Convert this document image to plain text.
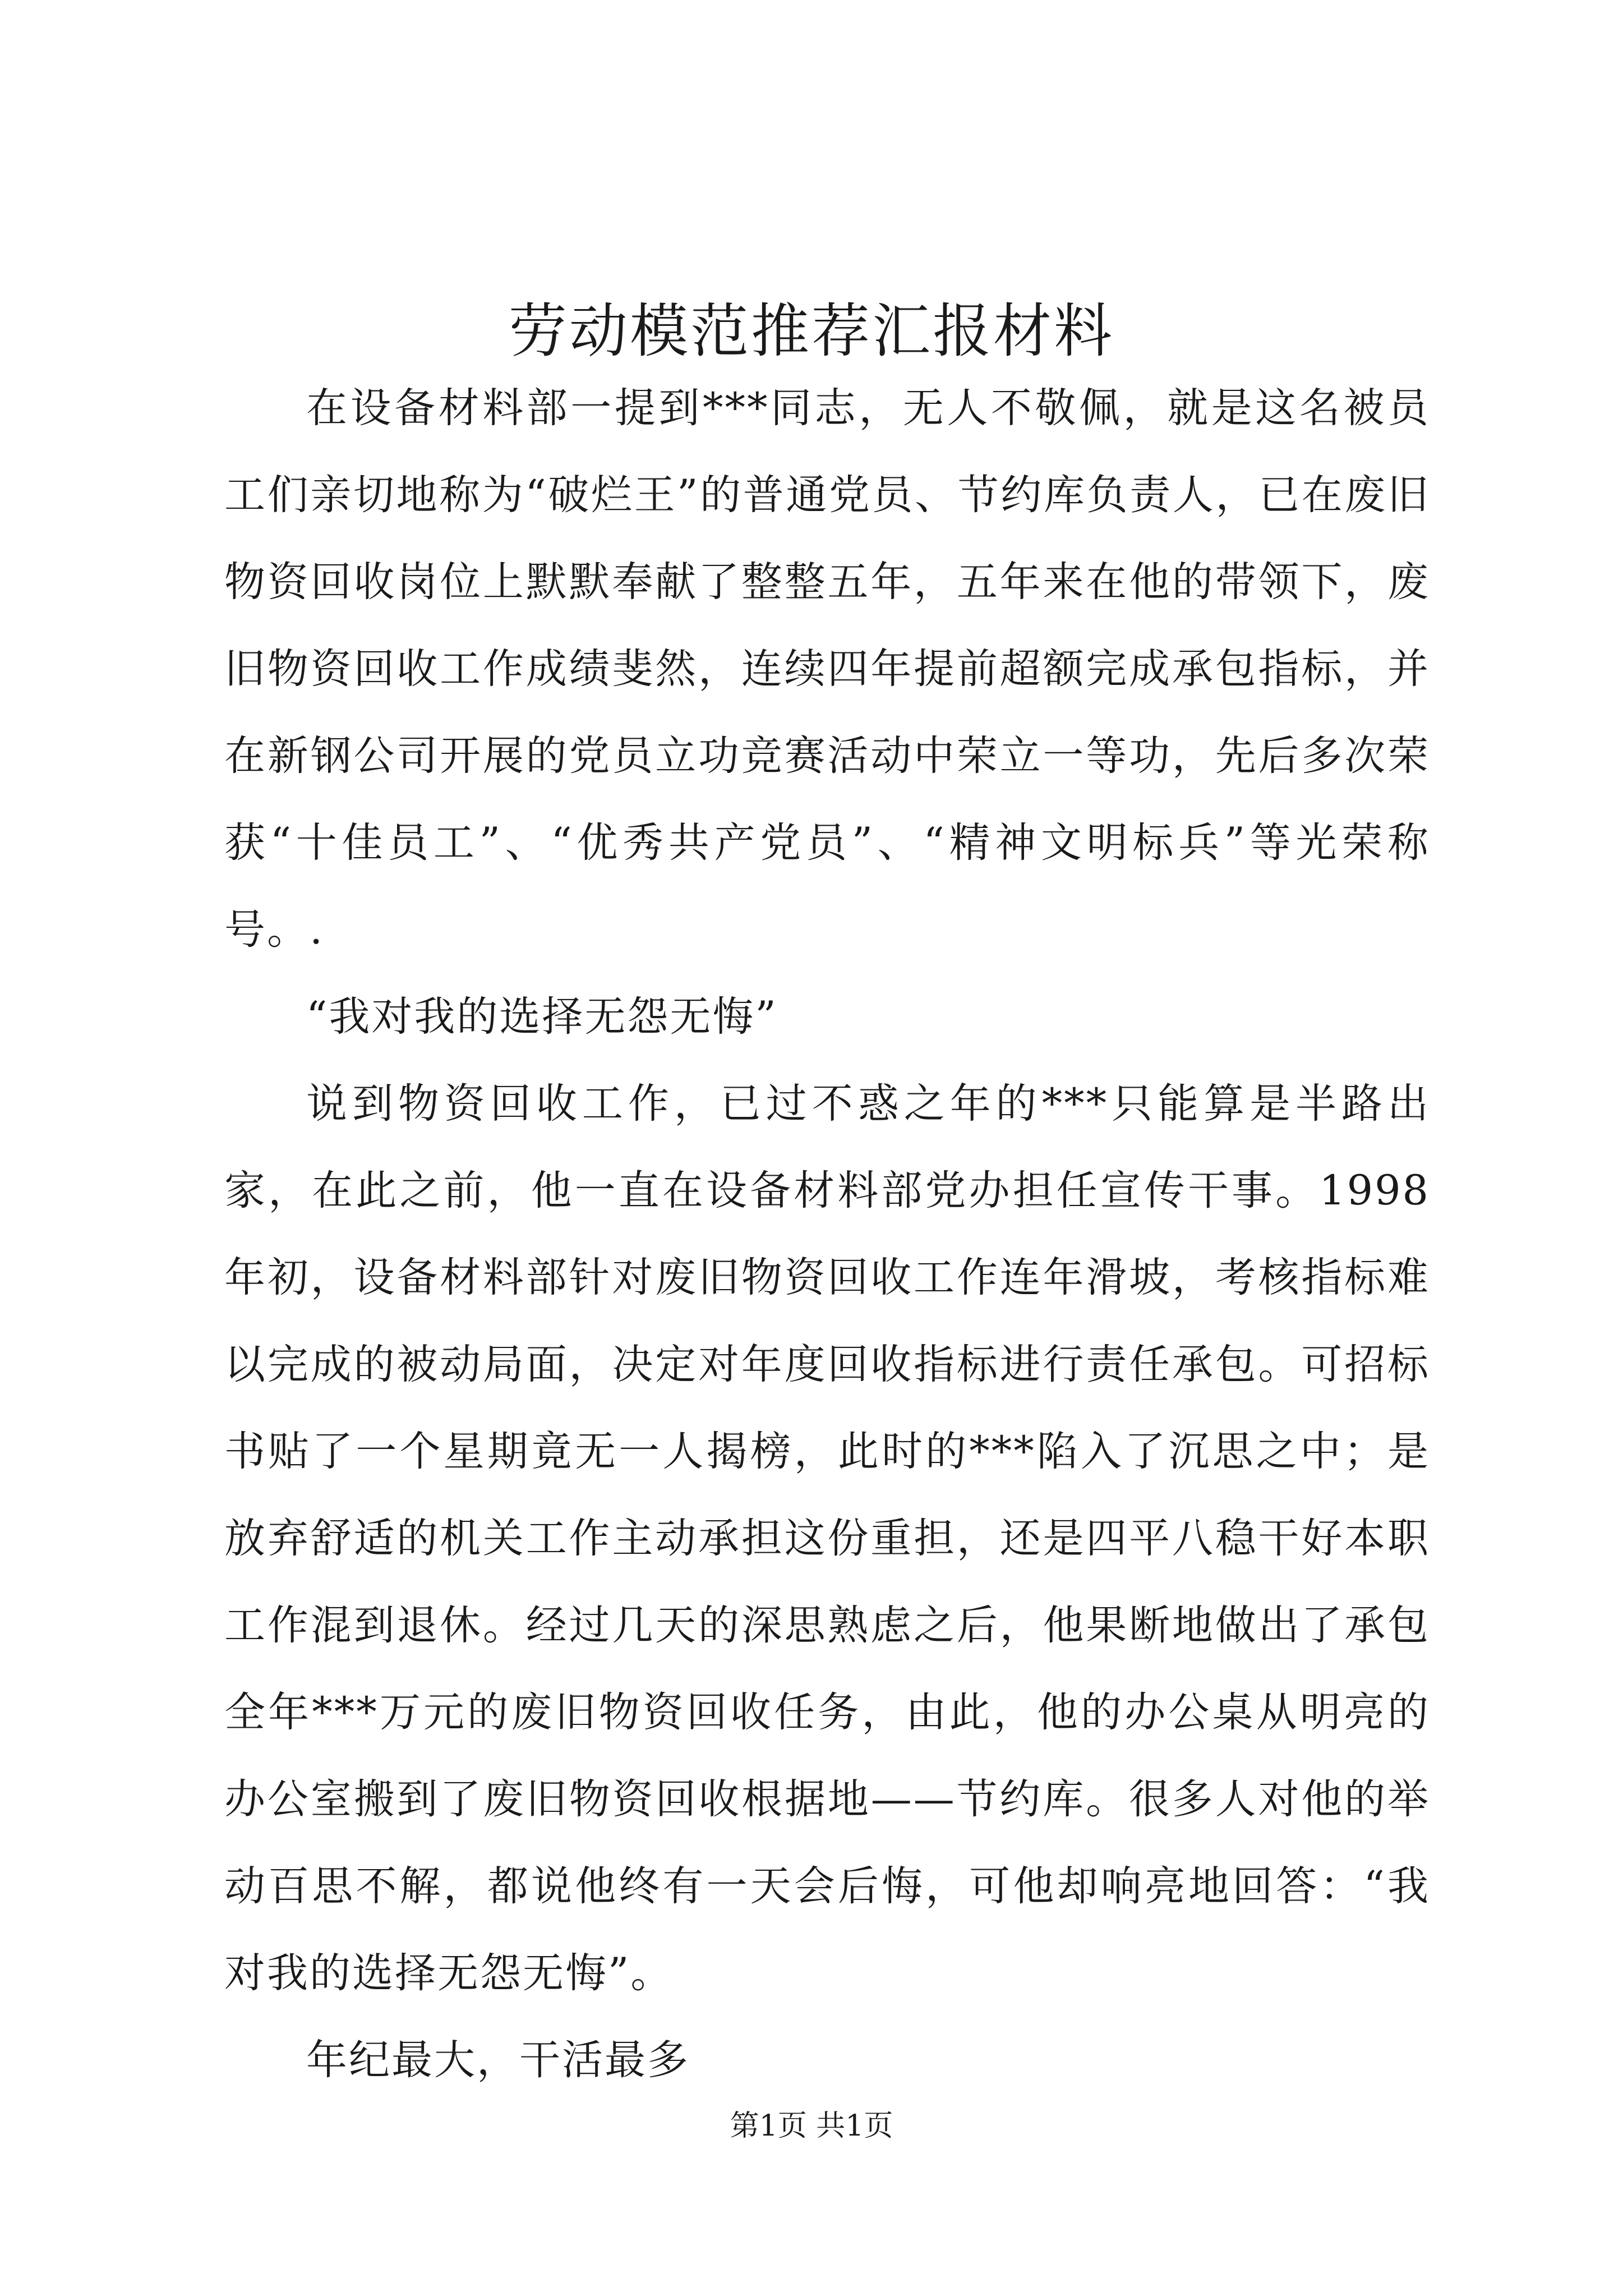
劳动模范推荐汇报材料

在设备材料部一提到***同志，无人不敬佩，就是这名被员工们亲切地称为“破烂王”的普通党员、节约库负责人，已在废旧物资回收岗位上默默奉献了整整五年，五年来在他的带领下，废旧物资回收工作成绩斐然，连续四年提前超额完成承包指标，并在新钢公司开展的党员立功竞赛活动中荣立一等功，先后多次荣获“十佳员工”、“优秀共产党员”、“精神文明标兵”等光荣称号。.

“我对我的选择无怨无悔”

说到物资回收工作，已过不惑之年的***只能算是半路出家，在此之前，他一直在设备材料部党办担任宣传干事。1998年初，设备材料部针对废旧物资回收工作连年滑坡，考核指标难以完成的被动局面，决定对年度回收指标进行责任承包。可招标书贴了一个星期竟无一人揭榜，此时的***陷入了沉思之中；是放弃舒适的机关工作主动承担这份重担，还是四平八稳干好本职工作混到退休。经过几天的深思熟虑之后，他果断地做出了承包全年***万元的废旧物资回收任务，由此，他的办公桌从明亮的办公室搬到了废旧物资回收根据地——节约库。很多人对他的举动百思不解，都说他终有一天会后悔，可他却响亮地回答：“我对我的选择无怨无悔”。

年纪最大，干活最多

第1页 共1页
